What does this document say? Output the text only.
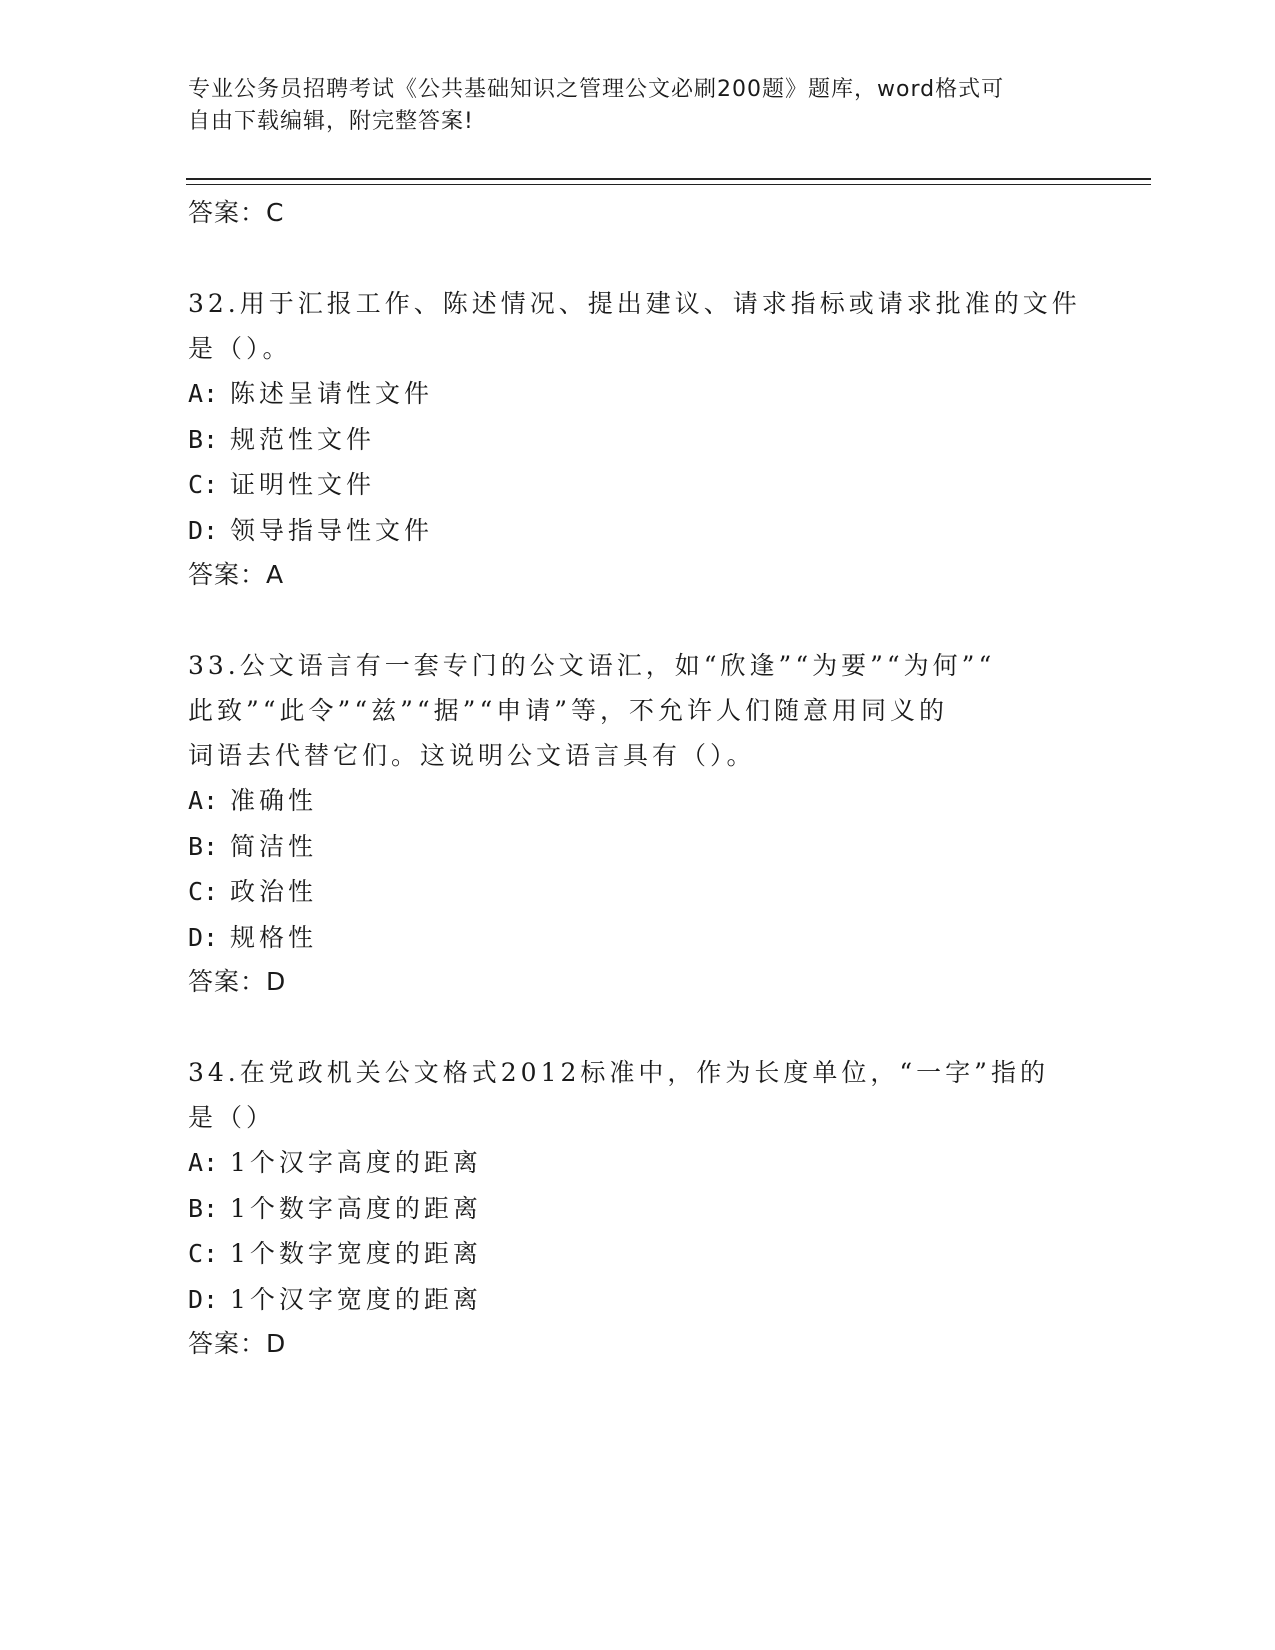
专业公务员招聘考试《公共基础知识之管理公文必刷200题》题库，word格式可
自由下载编辑，附完整答案!
答案：C
32.用于汇报工作、陈述情况、提出建议、请求指标或请求批准的文件
是（）。
A: 陈述呈请性文件
B: 规范性文件
C: 证明性文件
D: 领导指导性文件
答案：A
33.公文语言有一套专门的公文语汇，如“欣逢”“为要”“为何”“
此致”“此令”“兹”“据”“申请”等，不允许人们随意用同义的
词语去代替它们。这说明公文语言具有（）。
A: 准确性
B: 简洁性
C: 政治性
D: 规格性
答案：D
34.在党政机关公文格式2012标准中，作为长度单位，“一字”指的
是（）
A: 1个汉字高度的距离
B: 1个数字高度的距离
C: 1个数字宽度的距离
D: 1个汉字宽度的距离
答案：D
